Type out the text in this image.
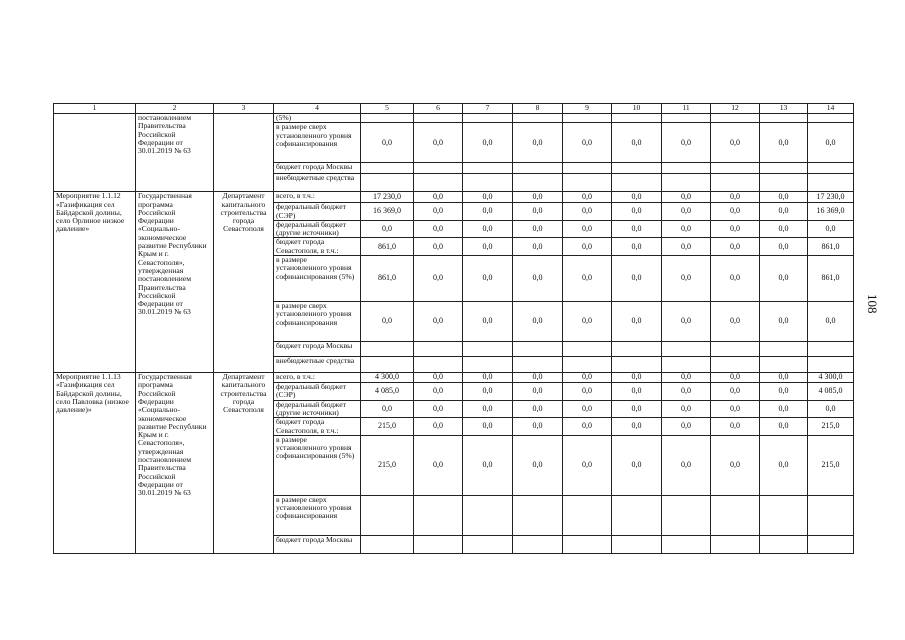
1	2	3	4	5	6	7	8	9	10	11	12	13	14
	постановлением Правительства Российской Федерации от 30.01.2019 № 63		(5%)										
			в размере сверх установленного уровня софинансирования	0,0	0,0	0,0	0,0	0,0	0,0	0,0	0,0	0,0	0,0
			бюджет города Москвы										
			внебюджетные средства										
Мероприятие 1.1.12 «Газификация сел Байдарской долины, село Орлиное низкое давление»	Государственная программа Российской Федерации «Социально-экономическое развитие Республики Крым и г. Севастополя», утвержденная постановлением Правительства Российской Федерации от 30.01.2019 № 63	Департамент капитального строительства города Севастополя	всего, в т.ч.:	17 230,0	0,0	0,0	0,0	0,0	0,0	0,0	0,0	0,0	17 230,0
			федеральный бюджет (СЭР)	16 369,0	0,0	0,0	0,0	0,0	0,0	0,0	0,0	0,0	16 369,0
			федеральный бюджет (другие источники)	0,0	0,0	0,0	0,0	0,0	0,0	0,0	0,0	0,0	0,0
			бюджет города Севастополя, в т.ч.:	861,0	0,0	0,0	0,0	0,0	0,0	0,0	0,0	0,0	861,0
			в размере установленного уровня софинансирования (5%)	861,0	0,0	0,0	0,0	0,0	0,0	0,0	0,0	0,0	861,0
			в размере сверх установленного уровня софинансирования	0,0	0,0	0,0	0,0	0,0	0,0	0,0	0,0	0,0	0,0
			бюджет города Москвы										
			внебюджетные средства										
Мероприятие 1.1.13 «Газификация сел Байдарской долины, село Павловка (низкое давление)»	Государственная программа Российской Федерации «Социально-экономическое развитие Республики Крым и г. Севастополя», утвержденная постановлением Правительства Российской Федерации от 30.01.2019 № 63	Департамент капитального строительства города Севастополя	всего, в т.ч.:	4 300,0	0,0	0,0	0,0	0,0	0,0	0,0	0,0	0,0	4 300,0
			федеральный бюджет (СЭР)	4 085,0	0,0	0,0	0,0	0,0	0,0	0,0	0,0	0,0	4 085,0
			федеральный бюджет (другие источники)	0,0	0,0	0,0	0,0	0,0	0,0	0,0	0,0	0,0	0,0
			бюджет города Севастополя, в т.ч.:	215,0	0,0	0,0	0,0	0,0	0,0	0,0	0,0	0,0	215,0
			в размере установленного уровня софинансирования (5%)	215,0	0,0	0,0	0,0	0,0	0,0	0,0	0,0	0,0	215,0
			в размере сверх установленного уровня софинансирования										
			бюджет города Москвы										
108
